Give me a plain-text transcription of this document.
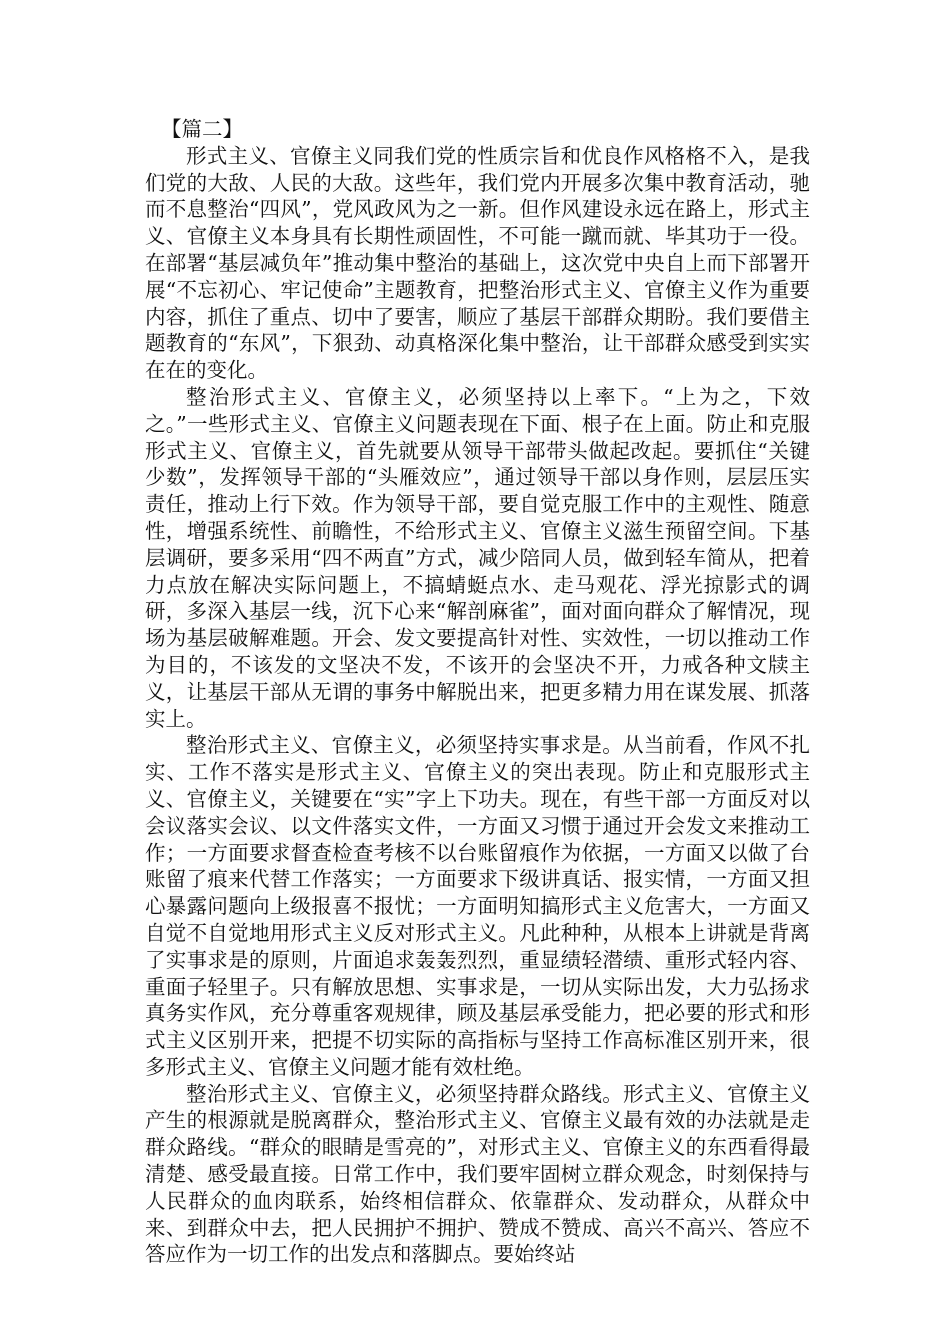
【篇二】

形式主义、官僚主义同我们党的性质宗旨和优良作风格格不入，是我们党的大敌、人民的大敌。这些年，我们党内开展多次集中教育活动，驰而不息整治“四风”，党风政风为之一新。但作风建设永远在路上，形式主义、官僚主义本身具有长期性顽固性，不可能一蹴而就、毕其功于一役。在部署“基层减负年”推动集中整治的基础上，这次党中央自上而下部署开展“不忘初心、牢记使命”主题教育，把整治形式主义、官僚主义作为重要内容，抓住了重点、切中了要害，顺应了基层干部群众期盼。我们要借主题教育的“东风”，下狠劲、动真格深化集中整治，让干部群众感受到实实在在的变化。

整治形式主义、官僚主义，必须坚持以上率下。“上为之，下效之。”一些形式主义、官僚主义问题表现在下面、根子在上面。防止和克服形式主义、官僚主义，首先就要从领导干部带头做起改起。要抓住“关键少数”，发挥领导干部的“头雁效应”，通过领导干部以身作则，层层压实责任，推动上行下效。作为领导干部，要自觉克服工作中的主观性、随意性，增强系统性、前瞻性，不给形式主义、官僚主义滋生预留空间。下基层调研，要多采用“四不两直”方式，减少陪同人员，做到轻车简从，把着力点放在解决实际问题上，不搞蜻蜓点水、走马观花、浮光掠影式的调研，多深入基层一线，沉下心来“解剖麻雀”，面对面向群众了解情况，现场为基层破解难题。开会、发文要提高针对性、实效性，一切以推动工作为目的，不该发的文坚决不发，不该开的会坚决不开，力戒各种文牍主义，让基层干部从无谓的事务中解脱出来，把更多精力用在谋发展、抓落实上。

整治形式主义、官僚主义，必须坚持实事求是。从当前看，作风不扎实、工作不落实是形式主义、官僚主义的突出表现。防止和克服形式主义、官僚主义，关键要在“实”字上下功夫。现在，有些干部一方面反对以会议落实会议、以文件落实文件，一方面又习惯于通过开会发文来推动工作；一方面要求督查检查考核不以台账留痕作为依据，一方面又以做了台账留了痕来代替工作落实；一方面要求下级讲真话、报实情，一方面又担心暴露问题向上级报喜不报忧；一方面明知搞形式主义危害大，一方面又自觉不自觉地用形式主义反对形式主义。凡此种种，从根本上讲就是背离了实事求是的原则，片面追求轰轰烈烈，重显绩轻潜绩、重形式轻内容、重面子轻里子。只有解放思想、实事求是，一切从实际出发，大力弘扬求真务实作风，充分尊重客观规律，顾及基层承受能力，把必要的形式和形式主义区别开来，把提不切实际的高指标与坚持工作高标准区别开来，很多形式主义、官僚主义问题才能有效杜绝。

整治形式主义、官僚主义，必须坚持群众路线。形式主义、官僚主义产生的根源就是脱离群众，整治形式主义、官僚主义最有效的办法就是走群众路线。“群众的眼睛是雪亮的”，对形式主义、官僚主义的东西看得最清楚、感受最直接。日常工作中，我们要牢固树立群众观念，时刻保持与人民群众的血肉联系，始终相信群众、依靠群众、发动群众，从群众中来、到群众中去，把人民拥护不拥护、赞成不赞成、高兴不高兴、答应不答应作为一切工作的出发点和落脚点。要始终站
